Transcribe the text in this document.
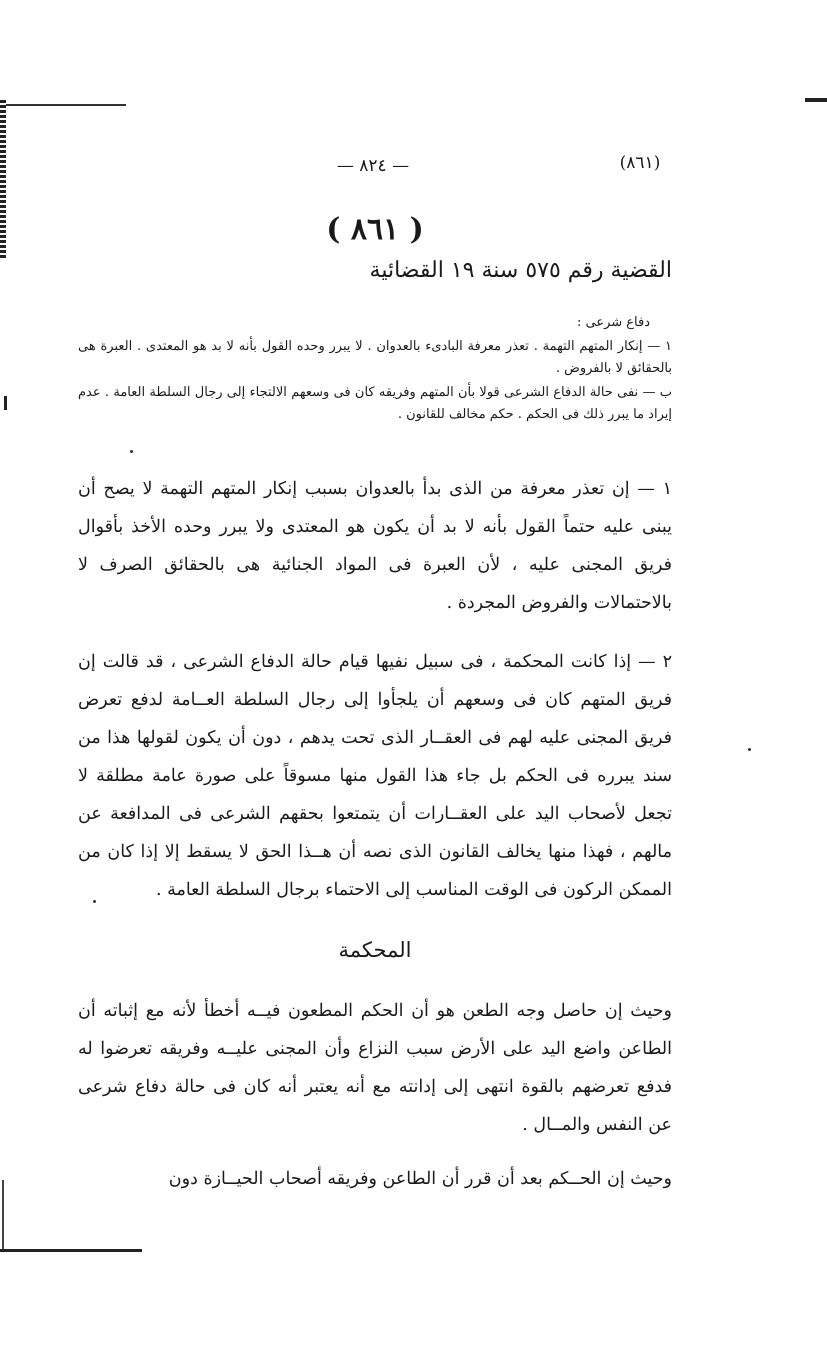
— ٨٢٤ —	(٨٦١)
( ٨٦١ )
القضية رقم ٥٧٥ سنة ١٩ القضائية

دفاع شرعى :

١ — إنكار المتهم التهمة . تعذر معرفة البادىء بالعدوان . لا يبرر وحده القول بأنه لا بد هو المعتدى . العبرة هى بالحقائق لا بالفروض .

ب — نفى حالة الدفاع الشرعى قولا بأن المتهم وفريقه كان فى وسعهم الالتجاء إلى رجال السلطة العامة . عدم إيراد ما يبرر ذلك فى الحكم . حكم مخالف للقانون .

١ — إن تعذر معرفة من الذى بدأ بالعدوان بسبب إنكار المتهم التهمة لا يصح أن يبنى عليه حتماً القول بأنه لا بد أن يكون هو المعتدى ولا يبرر وحده الأخذ بأقوال فريق المجنى عليه ، لأن العبرة فى المواد الجنائية هى بالحقائق الصرف لا بالاحتمالات والفروض المجردة .
٢ — إذا كانت المحكمة ، فى سبيل نفيها قيام حالة الدفاع الشرعى ، قد قالت إن فريق المتهم كان فى وسعهم أن يلجأوا إلى رجال السلطة العــامة لدفع تعرض فريق المجنى عليه لهم فى العقــار الذى تحت يدهم ، دون أن يكون لقولها هذا من سند يبرره فى الحكم بل جاء هذا القول منها مسوقاً على صورة عامة مطلقة لا تجعل لأصحاب اليد على العقــارات أن يتمتعوا بحقهم الشرعى فى المدافعة عن مالهم ، فهذا منها يخالف القانون الذى نصه أن هــذا الحق لا يسقط إلا إذا كان من الممكن الركون فى الوقت المناسب إلى الاحتماء برجال السلطة العامة .
المحكمة
وحيث إن حاصل وجه الطعن هو أن الحكم المطعون فيــه أخطأ لأنه مع إثباته أن الطاعن واضع اليد على الأرض سبب النزاع وأن المجنى عليــه وفريقه تعرضوا له فدفع تعرضهم بالقوة انتهى إلى إدانته مع أنه يعتبر أنه كان فى حالة دفاع شرعى عن النفس والمــال .
وحيث إن الحــكم بعد أن قرر أن الطاعن وفريقه أصحاب الحيــازة دون
